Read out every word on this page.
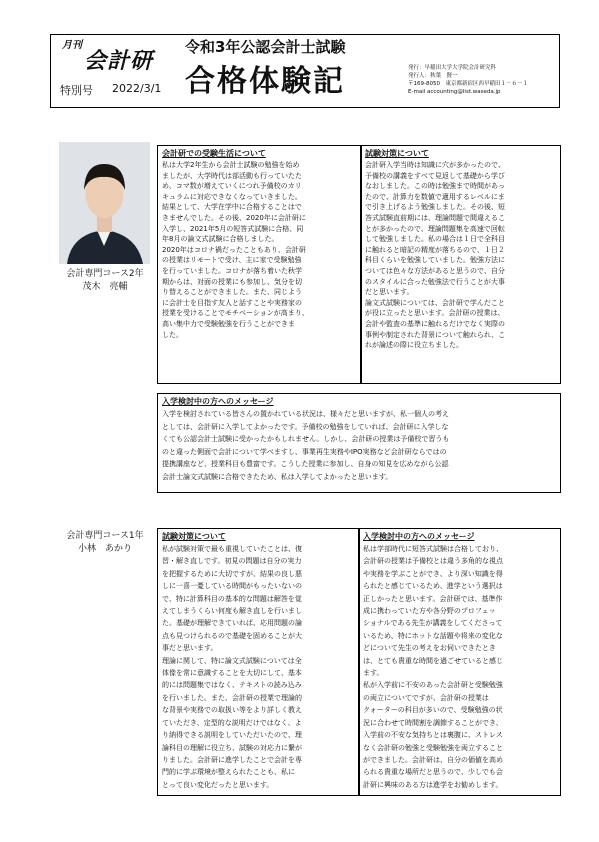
月刊
会計研
特別号 2022/3/1
令和3年公認会計士試験
合格体験記	発行：早稲田大学大学院会計研究科
発行人：秋葉　賢一
〒169-8050　東京都新宿区西早稲田１－６－１
E-mail accounting@list.waseda.jp
会計専門コース2年
茂木　亮輔
会計研での受験生活について
私は大学2年生から会計士試験の勉強を始め
ましたが、大学時代は部活動も行っていたた
め、コマ数が増えていくにつれ予備校のカリ
キュラムに対応できなくなっていきました。
結果として、大学在学中に合格することはで
きませんでした。その後、2020年に会計研に
入学し、2021年5月の短答式試験に合格、同
年8月の論文式試験に合格しました。
2020年はコロナ禍だったこともあり、会計研
の授業はリモートで受け、主に家で受験勉強
を行っていました。コロナが落ち着いた秋学
期からは、対面の授業にも参加し、気分を切
り替えることができました。また、同じよう
に会計士を目指す友人と話すことや実務家の
授業を受けることでモチベーションが高まり、
高い集中力で受験勉強を行うことができま
した。
試験対策について
会計研入学当時は知識に穴が多かったので、
予備校の講義をすべて見返して基礎から学び
なおしました。この時は勉強まで時間があっ
たので、計算力を数値で適用するレベルにま
で引き上げるよう勉強しました。その後、短
答式試験直前期には、理論問題で間違えるこ
とが多かったので、理論問題集を高速で回転
して勉強しました。私の場合は１日で全科目
に触れると暗記の精度が落ちるので、１日２
科目くらいを勉強していました。勉強方法に
ついては色々な方法があると思うので、自分
のスタイルに合った勉強法で行うことが大事
だと思います。
論文式試験については、会計研で学んだこと
が役に立ったと思います。会計研の授業は、
会計や監査の基準に触れるだけでなく実際の
事例や制定された背景について触れられ、こ
れが論述の際に役立ちました。
入学検討中の方へのメッセージ
入学を検討されている皆さんの置かれている状況は、様々だと思いますが、私一個人の考え
としては、会計研に入学してよかったです。予備校の勉強をしていれば、会計研に入学しな
くても公認会計士試験に受かったかもしれません。しかし、会計研の授業は予備校で習うも
のと違った側面で会計について学べますし、事業再生実務やIPO実務など会計研ならではの
提携講座など、授業科目も豊富です。こうした授業に参加し、自身の知見を広めながら公認
会計士論文式試験に合格できたため、私は入学してよかったと思います。
会計専門コース1年
小林　あかり
試験対策について
私が試験対策で最も重視していたことは、復
習・解き直しです。初見の問題は自分の実力
を把握するために大切ですが、結果の良し悪
しに一喜一憂している時間がもったいないの
で、特に計算科目の基本的な問題は解答を覚
えてしまうくらい何度も解き直しを行いまし
た。基礎が理解できていれば、応用問題の論
点も見つけられるので基礎を固めることが大
事だと思います。
理論に関して、特に論文式試験については全
体像を常に意識することを大切にして、基本
的には問題集ではなく、テキストの読み込み
を行いました。また、会計研の授業で理論的
な背景や実務での取扱い等をより詳しく教え
ていただき、定型的な説明だけではなく、よ
り納得できる説明をしていただいたので、理
論科目の理解に役立ち、試験の対応力に繋が
りました。会計研に進学したことで会計を専
門的に学ぶ環境が整えられたことも、私に
とって良い変化だったと思います。
入学検討中の方へのメッセージ
私は学部時代に短答式試験は合格しており、
会計研の授業は予備校とは違う多角的な視点
や実務を学ぶことができ、より深い知識を得
られたと感じているため、進学という選択は
正しかったと思います。会計研では、基準作
成に携わっていた方や各分野のプロフェッ
ショナルである先生が講義をしてくださって
いるため、特にホットな話題や将来の変化な
どについて先生の考えをお伺いできたとき
は、とても貴重な時間を過ごせていると感じ
ます。
私が入学前に不安のあった会計研と受験勉強
の両立についてですが、会計研の授業は
クォーターの科目が多いので、受験勉強の状
況に合わせて時間割を調節することができ、
入学前の不安な気持ちとは裏腹に、ストレス
なく会計研の勉強と受験勉強を両立すること
ができました。会計研は、自分の価値を高め
られる貴重な場所だと思うので、少しでも会
計研に興味のある方は進学をお勧めします。
